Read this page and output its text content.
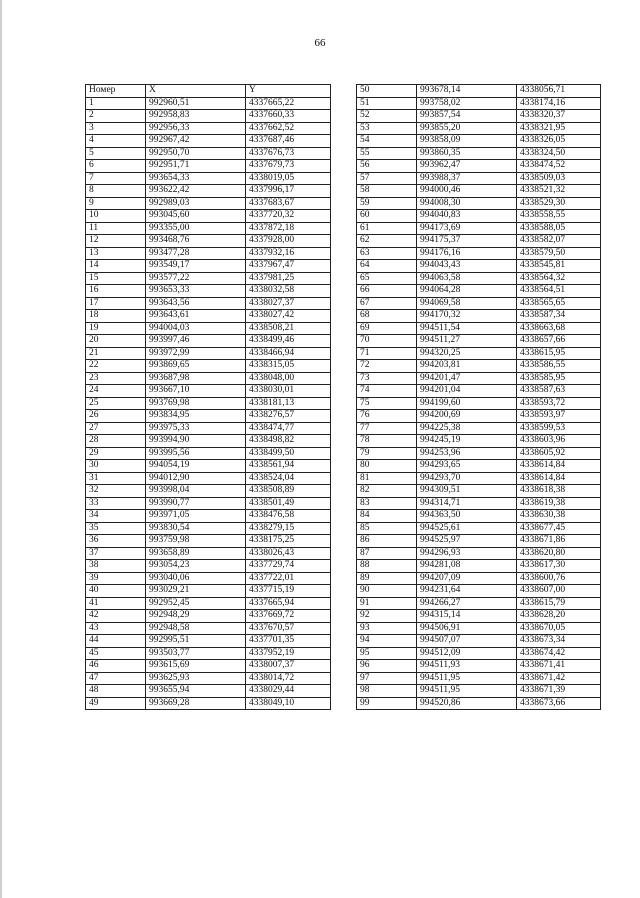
66
Номер	X	Y
1	992960,51	4337665,22
2	992958,83	4337660,33
3	992956,33	4337662,52
4	992967,42	4337687,46
5	992950,70	4337676,73
6	992951,71	4337679,73
7	993654,33	4338019,05
8	993622,42	4337996,17
9	992989,03	4337683,67
10	993045,60	4337720,32
11	993355,00	4337872,18
12	993468,76	4337928,00
13	993477,28	4337932,16
14	993549,17	4337967,47
15	993577,22	4337981,25
16	993653,33	4338032,58
17	993643,56	4338027,37
18	993643,61	4338027,42
19	994004,03	4338508,21
20	993997,46	4338499,46
21	993972,99	4338466,94
22	993869,65	4338315,05
23	993687,98	4338048,00
24	993667,10	4338030,01
25	993769,98	4338181,13
26	993834,95	4338276,57
27	993975,33	4338474,77
28	993994,90	4338498,82
29	993995,56	4338499,50
30	994054,19	4338561,94
31	994012,90	4338524,04
32	993998,04	4338508,89
33	993990,77	4338501,49
34	993971,05	4338476,58
35	993830,54	4338279,15
36	993759,98	4338175,25
37	993658,89	4338026,43
38	993054,23	4337729,74
39	993040,06	4337722,01
40	993029,21	4337715,19
41	992952,45	4337665,94
42	992948,29	4337669,72
43	992948,58	4337670,57
44	992995,51	4337701,35
45	993503,77	4337952,19
46	993615,69	4338007,37
47	993625,93	4338014,72
48	993655,94	4338029,44
49	993669,28	4338049,10
50	993678,14	4338056,71
51	993758,02	4338174,16
52	993857,54	4338320,37
53	993855,20	4338321,95
54	993858,09	4338326,05
55	993860,35	4338324,50
56	993962,47	4338474,52
57	993988,37	4338509,03
58	994000,46	4338521,32
59	994008,30	4338529,30
60	994040,83	4338558,55
61	994173,69	4338588,05
62	994175,37	4338582,07
63	994176,16	4338579,50
64	994043,43	4338545,81
65	994063,58	4338564,32
66	994064,28	4338564,51
67	994069,58	4338565,65
68	994170,32	4338587,34
69	994511,54	4338663,68
70	994511,27	4338657,66
71	994320,25	4338615,95
72	994203,81	4338586,55
73	994201,47	4338585,95
74	994201,04	4338587,63
75	994199,60	4338593,72
76	994200,69	4338593,97
77	994225,38	4338599,53
78	994245,19	4338603,96
79	994253,96	4338605,92
80	994293,65	4338614,84
81	994293,70	4338614,84
82	994309,51	4338618,38
83	994314,71	4338619,38
84	994363,50	4338630,38
85	994525,61	4338677,45
86	994525,97	4338671,86
87	994296,93	4338620,80
88	994281,08	4338617,30
89	994207,09	4338600,76
90	994231,64	4338607,00
91	994266,27	4338615,79
92	994315,14	4338628,20
93	994506,91	4338670,05
94	994507,07	4338673,34
95	994512,09	4338674,42
96	994511,93	4338671,41
97	994511,95	4338671,42
98	994511,95	4338671,39
99	994520,86	4338673,66
